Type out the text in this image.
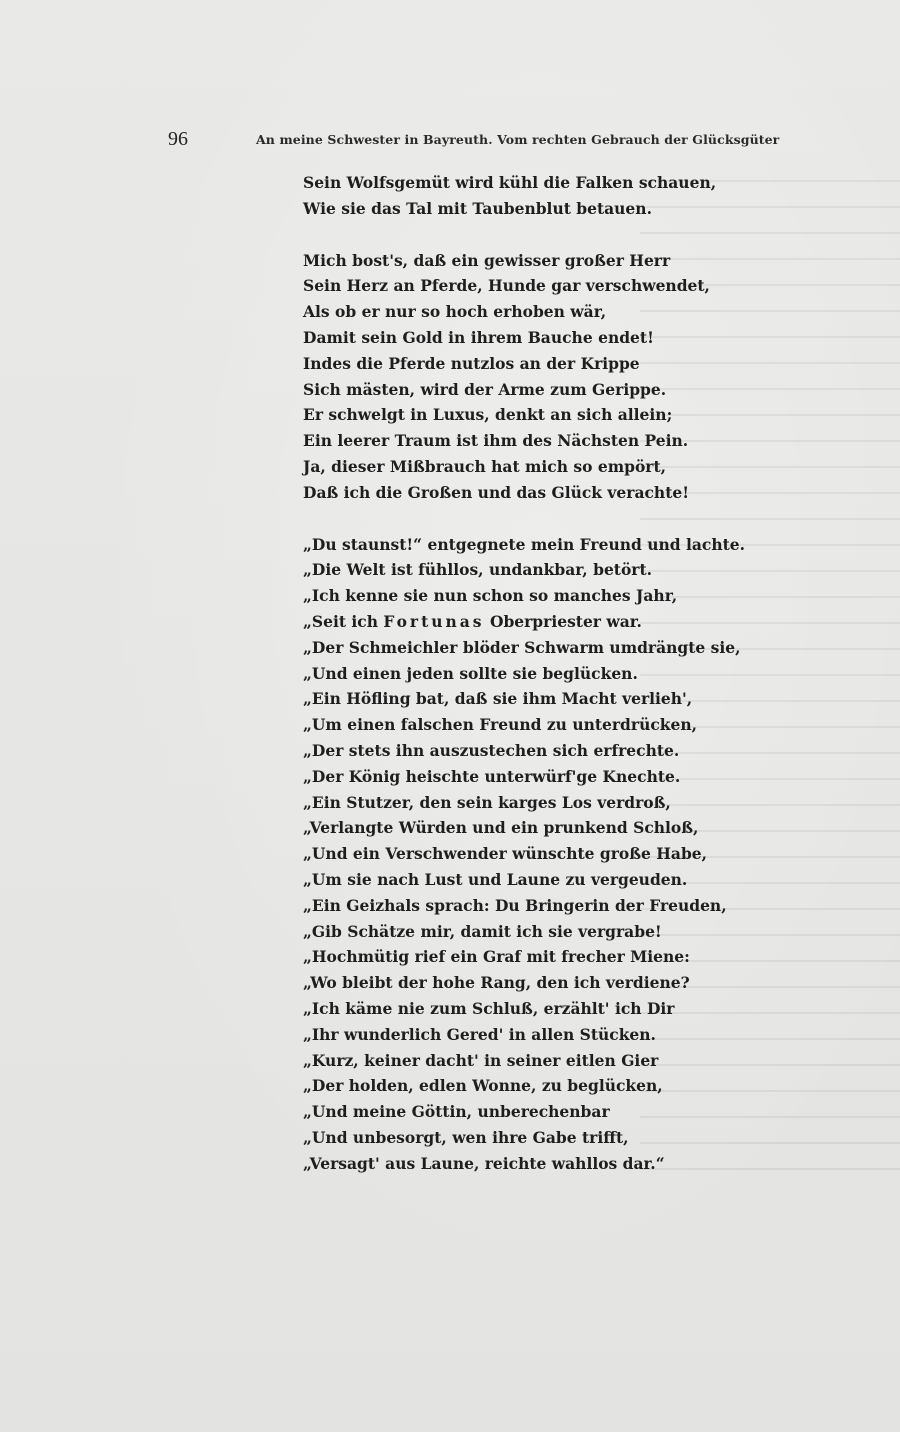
96	An meine Schwester in Bayreuth. Vom rechten Gebrauch der Glücksgüter
Sein Wolfsgemüt wird kühl die Falken schauen,
Wie sie das Tal mit Taubenblut betauen.
Mich bost's, daß ein gewisser großer Herr
Sein Herz an Pferde, Hunde gar verschwendet,
Als ob er nur so hoch erhoben wär,
Damit sein Gold in ihrem Bauche endet!
Indes die Pferde nutzlos an der Krippe
Sich mästen, wird der Arme zum Gerippe.
Er schwelgt in Luxus, denkt an sich allein;
Ein leerer Traum ist ihm des Nächsten Pein.
Ja, dieser Mißbrauch hat mich so empört,
Daß ich die Großen und das Glück verachte!
„Du staunst!“ entgegnete mein Freund und lachte.
„Die Welt ist fühllos, undankbar, betört.
„Ich kenne sie nun schon so manches Jahr,
„Seit ich Fortunas Oberpriester war.
„Der Schmeichler blöder Schwarm umdrängte sie,
„Und einen jeden sollte sie beglücken.
„Ein Höfling bat, daß sie ihm Macht verlieh',
„Um einen falschen Freund zu unterdrücken,
„Der stets ihn auszustechen sich erfrechte.
„Der König heischte unterwürf'ge Knechte.
„Ein Stutzer, den sein karges Los verdroß,
„Verlangte Würden und ein prunkend Schloß,
„Und ein Verschwender wünschte große Habe,
„Um sie nach Lust und Laune zu vergeuden.
„Ein Geizhals sprach: Du Bringerin der Freuden,
„Gib Schätze mir, damit ich sie vergrabe!
„Hochmütig rief ein Graf mit frecher Miene:
„Wo bleibt der hohe Rang, den ich verdiene?
„Ich käme nie zum Schluß, erzählt' ich Dir
„Ihr wunderlich Gered' in allen Stücken.
„Kurz, keiner dacht' in seiner eitlen Gier
„Der holden, edlen Wonne, zu beglücken,
„Und meine Göttin, unberechenbar
„Und unbesorgt, wen ihre Gabe trifft,
„Versagt' aus Laune, reichte wahllos dar.“
